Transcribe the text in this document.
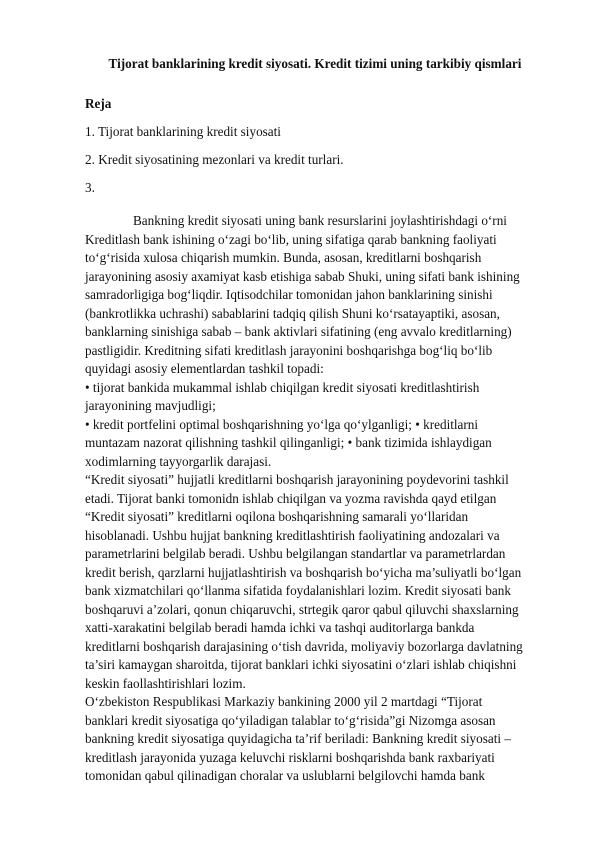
Tijorat banklarining kredit siyosati. Kredit tizimi uning tarkibiy qismlari
Reja
1. Tijorat banklarining kredit siyosati
2. Kredit siyosatining mezonlari va kredit turlari.
3.

Bankning kredit siyosati uning bank resurslarini joylashtirishdagi o‘rni

Kreditlash bank ishining o‘zagi bo‘lib, uning sifatiga qarab bankning faoliyati

to‘g‘risida xulosa chiqarish mumkin. Bunda, asosan, kreditlarni boshqarish

jarayonining asosiy axamiyat kasb etishiga sabab Shuki, uning sifati bank ishining

samradorligiga bog‘liqdir. Iqtisodchilar tomonidan jahon banklarining sinishi

(bankrotlikka uchrashi) sabablarini tadqiq qilish Shuni ko‘rsatayaptiki, asosan,

banklarning sinishiga sabab – bank aktivlari sifatining (eng avvalo kreditlarning)

pastligidir. Kreditning sifati kreditlash jarayonini boshqarishga bog‘liq bo‘lib

quyidagi asosiy elementlardan tashkil topadi:

• tijorat bankida mukammal ishlab chiqilgan kredit siyosati kreditlashtirish

jarayonining mavjudligi;

• kredit portfelini optimal boshqarishning yo‘lga qo‘ylganligi; • kreditlarni

muntazam nazorat qilishning tashkil qilinganligi; • bank tizimida ishlaydigan

xodimlarning tayyorgarlik darajasi.

“Kredit siyosati” hujjatli kreditlarni boshqarish jarayonining poydevorini tashkil

etadi. Tijorat banki tomonidn ishlab chiqilgan va yozma ravishda qayd etilgan

“Kredit siyosati” kreditlarni oqilona boshqarishning samarali yo‘llaridan

hisoblanadi. Ushbu hujjat bankning kreditlashtirish faoliyatining andozalari va

parametrlarini belgilab beradi. Ushbu belgilangan standartlar va parametrlardan

kredit berish, qarzlarni hujjatlashtirish va boshqarish bo‘yicha ma’suliyatli bo‘lgan

bank xizmatchilari qo‘llanma sifatida foydalanishlari lozim. Kredit siyosati bank

boshqaruvi a’zolari, qonun chiqaruvchi, strtegik qaror qabul qiluvchi shaxslarning

xatti-xarakatini belgilab beradi hamda ichki va tashqi auditorlarga bankda

kreditlarni boshqarish darajasining o‘tish davrida, moliyaviy bozorlarga davlatning

ta’siri kamaygan sharoitda, tijorat banklari ichki siyosatini o‘zlari ishlab chiqishni

keskin faollashtirishlari lozim.

O‘zbekiston Respublikasi Markaziy bankining 2000 yil 2 martdagi “Tijorat

banklari kredit siyosatiga qo‘yiladigan talablar to‘g‘risida”gi Nizomga asosan

bankning kredit siyosatiga quyidagicha ta’rif beriladi: Bankning kredit siyosati –

kreditlash jarayonida yuzaga keluvchi risklarni boshqarishda bank raxbariyati

tomonidan qabul qilinadigan choralar va uslublarni belgilovchi hamda bank
